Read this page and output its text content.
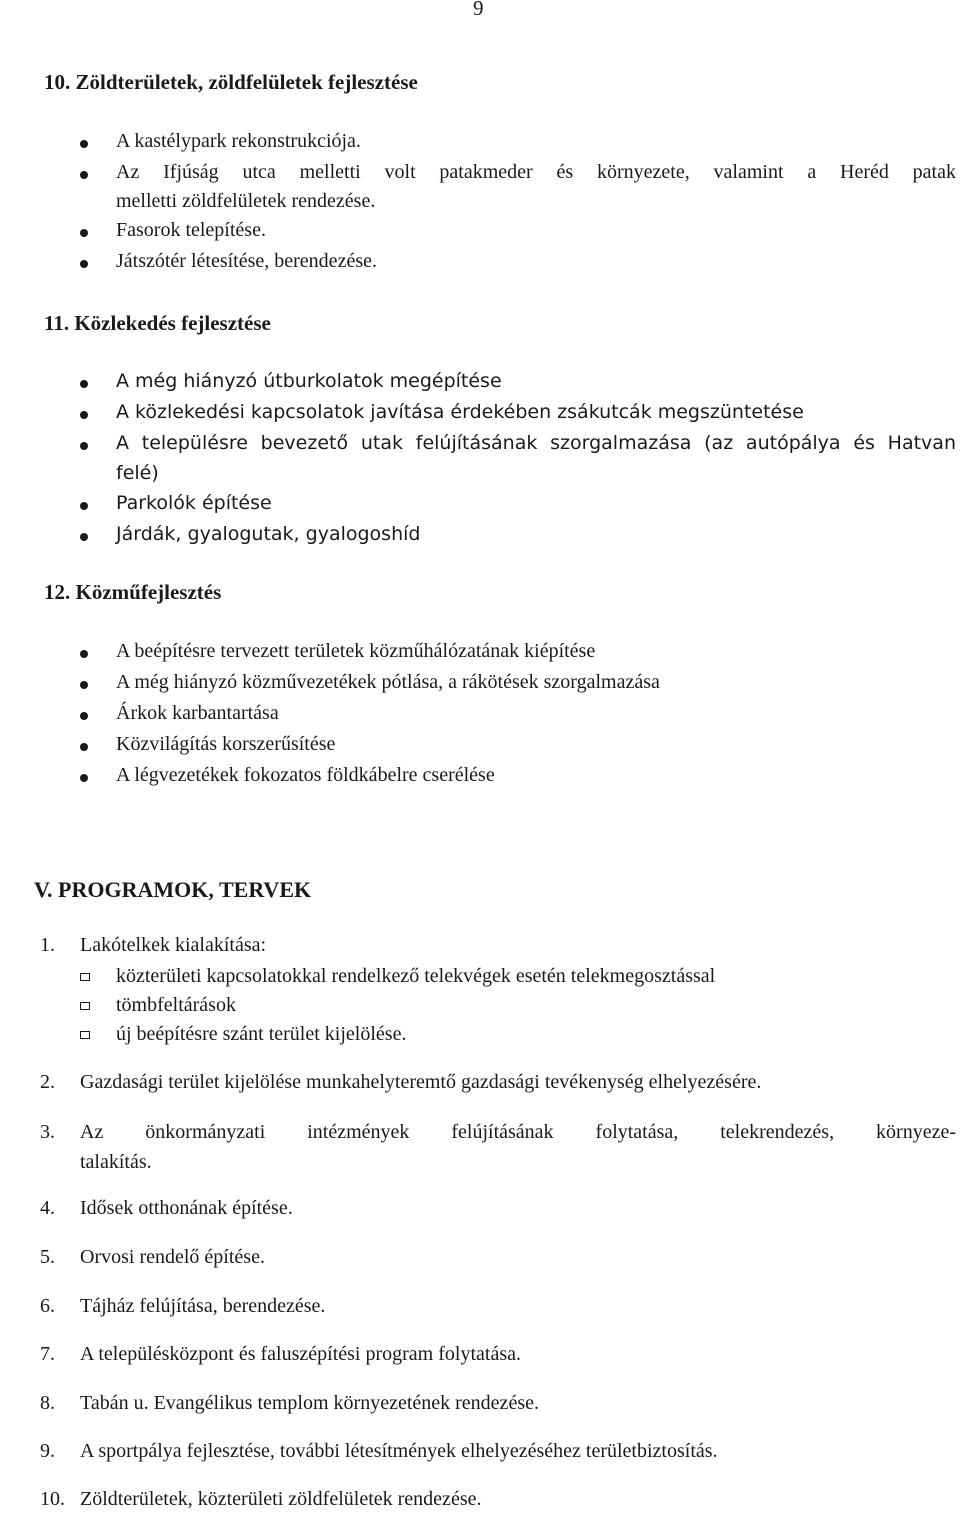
9
10. Zöldterületek, zöldfelületek fejlesztése
A kastélypark rekonstrukciója.
Az Ifjúság utca melletti volt patakmeder és környezete, valamint a Heréd patak
melletti zöldfelületek rendezése.
Fasorok telepítése.
Játszótér létesítése, berendezése.
11. Közlekedés fejlesztése
A még hiányzó útburkolatok megépítése
A közlekedési kapcsolatok javítása érdekében zsákutcák megszüntetése
A településre bevezető utak felújításának szorgalmazása (az autópálya és Hatvan
felé)
Parkolók építése
Járdák, gyalogutak, gyalogoshíd
12. Közműfejlesztés
A beépítésre tervezett területek közműhálózatának kiépítése
A még hiányzó közművezetékek pótlása, a rákötések szorgalmazása
Árkok karbantartása
Közvilágítás korszerűsítése
A légvezetékek fokozatos földkábelre cserélése
V. PROGRAMOK, TERVEK
1. Lakótelkek kialakítása:
közterületi kapcsolatokkal rendelkező telekvégek esetén telekmegosztással
tömbfeltárások
új beépítésre szánt terület kijelölése.
2. Gazdasági terület kijelölése munkahelyteremtő gazdasági tevékenység elhelyezésére.
3. Az önkormányzati intézmények felújításának folytatása, telekrendezés, környeze-
talakítás.
4. Idősek otthonának építése.
5. Orvosi rendelő építése.
6. Tájház felújítása, berendezése.
7. A településközpont és faluszépítési program folytatása.
8. Tabán u. Evangélikus templom környezetének rendezése.
9. A sportpálya fejlesztése, további létesítmények elhelyezéséhez területbiztosítás.
10. Zöldterületek, közterületi zöldfelületek rendezése.
